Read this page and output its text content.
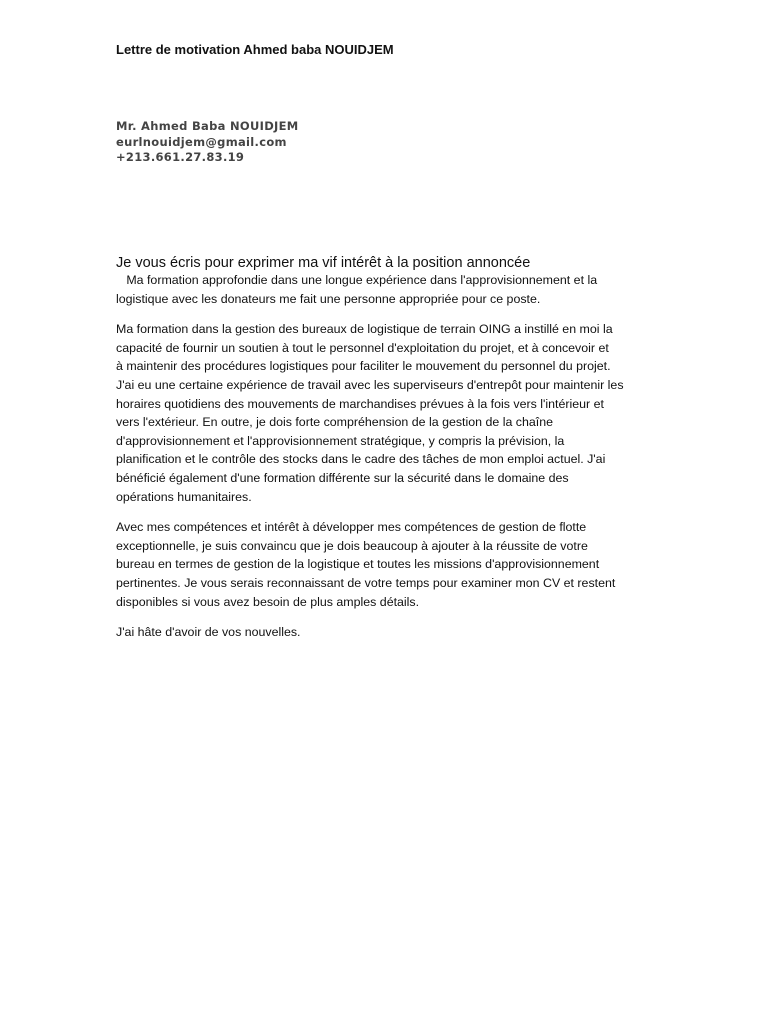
Lettre de motivation Ahmed baba NOUIDJEM
Mr. Ahmed Baba NOUIDJEM
eurlnouidjem@gmail.com
+213.661.27.83.19
Je vous écris pour exprimer ma vif intérêt à la position annoncée

Ma formation approfondie dans une longue expérience dans l'approvisionnement et la
logistique avec les donateurs me fait une personne appropriée pour ce poste.

Ma formation dans la gestion des bureaux de logistique de terrain OING a instillé en moi la
capacité de fournir un soutien à tout le personnel d'exploitation du projet, et à concevoir et
à maintenir des procédures logistiques pour faciliter le mouvement du personnel du projet.
J'ai eu une certaine expérience de travail avec les superviseurs d'entrepôt pour maintenir les
horaires quotidiens des mouvements de marchandises prévues à la fois vers l'intérieur et
vers l'extérieur. En outre, je dois forte compréhension de la gestion de la chaîne
d'approvisionnement et l'approvisionnement stratégique, y compris la prévision, la
planification et le contrôle des stocks dans le cadre des tâches de mon emploi actuel. J'ai
bénéficié également d'une formation différente sur la sécurité dans le domaine des
opérations humanitaires.

Avec mes compétences et intérêt à développer mes compétences de gestion de flotte
exceptionnelle, je suis convaincu que je dois beaucoup à ajouter à la réussite de votre
bureau en termes de gestion de la logistique et toutes les missions d'approvisionnement
pertinentes. Je vous serais reconnaissant de votre temps pour examiner mon CV et restent
disponibles si vous avez besoin de plus amples détails.

J'ai hâte d'avoir de vos nouvelles.
